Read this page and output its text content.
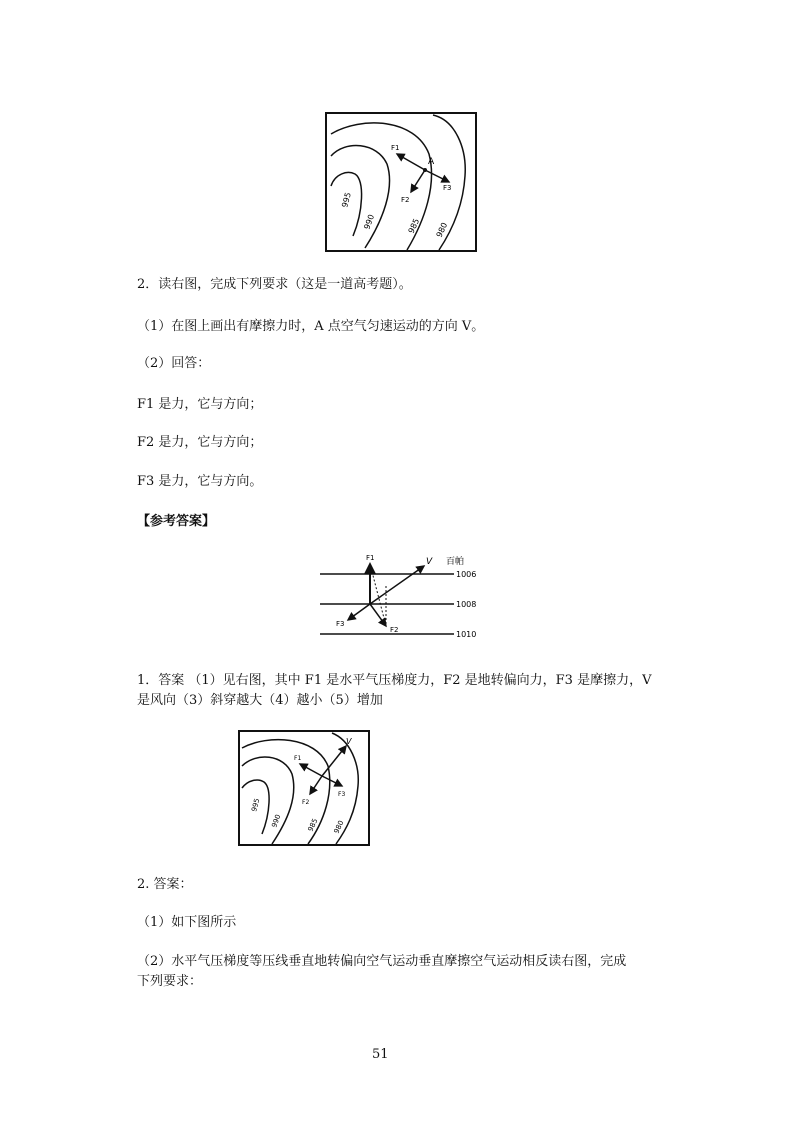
995
990	985 980
A
F1
F3
F2
2．读右图，完成下列要求（这是一道高考题）。
（1）在图上画出有摩擦力时，A 点空气匀速运动的方向 V。
（2）回答：
F1 是力，它与方向；
F2 是力，它与方向；
F3 是力，它与方向。
【参考答案】
百帕
1006
1008
1010
V
F1
F3
F2
1．答案 （1）见右图，其中 F1 是水平气压梯度力，F2 是地转偏向力，F3 是摩擦力，V
是风向（3）斜穿越大（4）越小（5）增加
995
990	985 980
V
F1
F3
F2
2. 答案：
（1）如下图所示
（2）水平气压梯度等压线垂直地转偏向空气运动垂直摩擦空气运动相反读右图，完成
下列要求：
51
